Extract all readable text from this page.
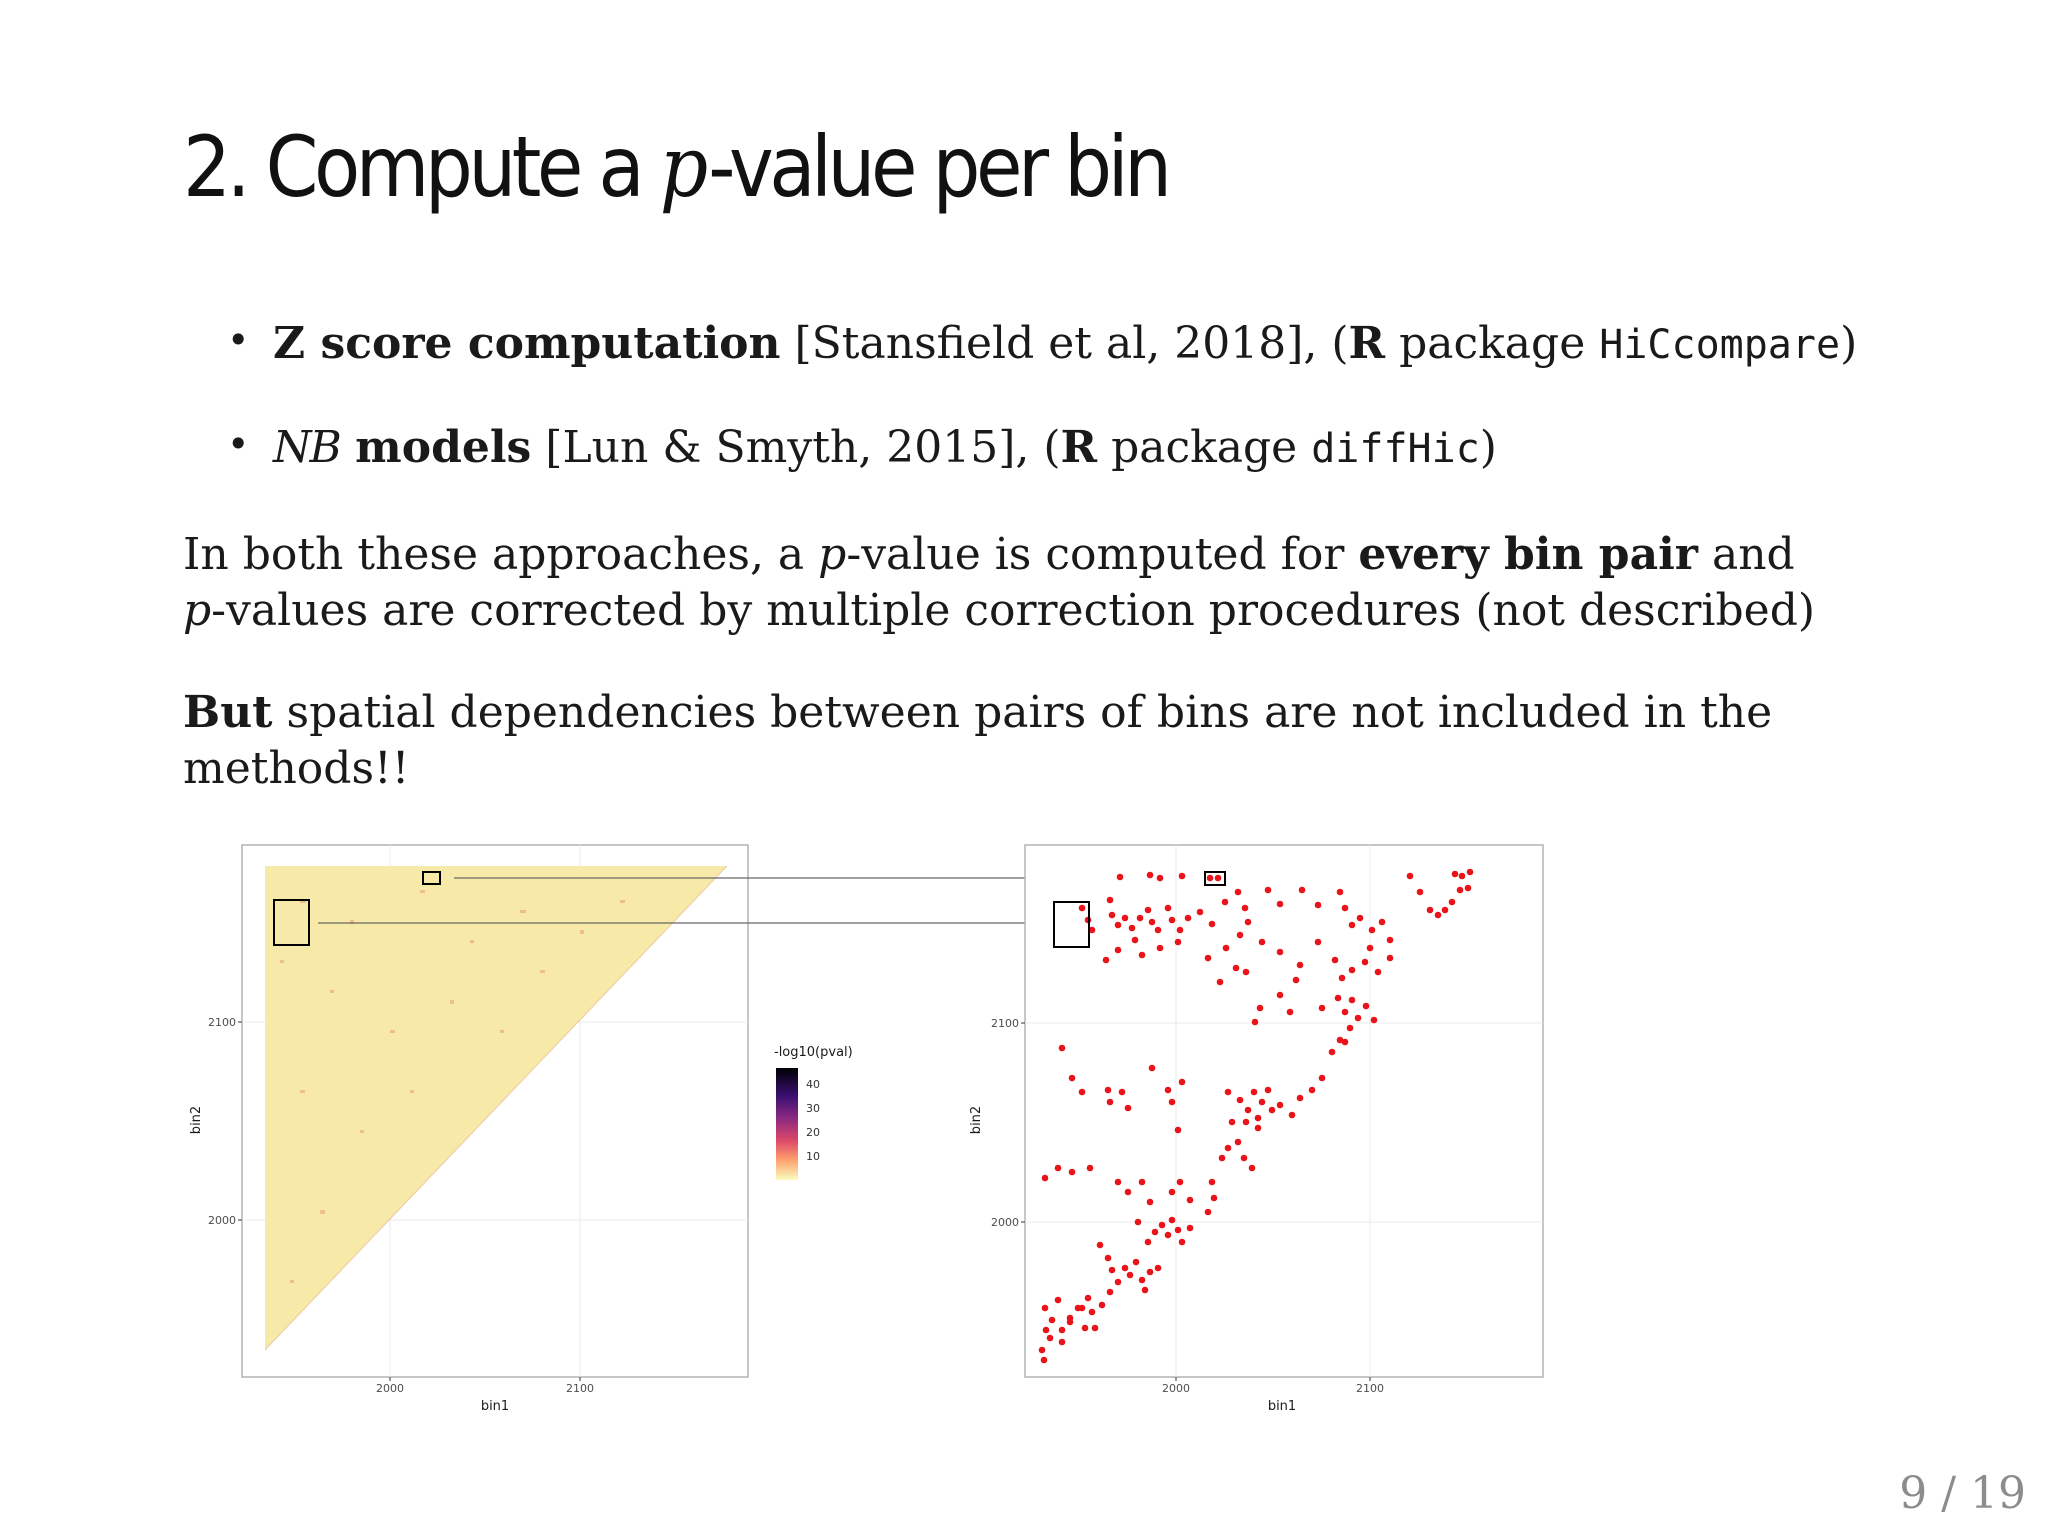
2. Compute a p-value per bin
Z score computation [Stansfield et al, 2018], (R package HiCcompare)
NB models [Lun & Smyth, 2015], (R package diffHic)

In both these approaches, a p-value is computed for every bin pair and p-values are corrected by multiple correction procedures (not described)

But spatial dependencies between pairs of bins are not included in the methods!!

2100
2000
2000	2100
bin1
bin2
-log10(pval)
40
30
20
10
2100
2000
2000	2100
bin1
bin2
9 / 19
